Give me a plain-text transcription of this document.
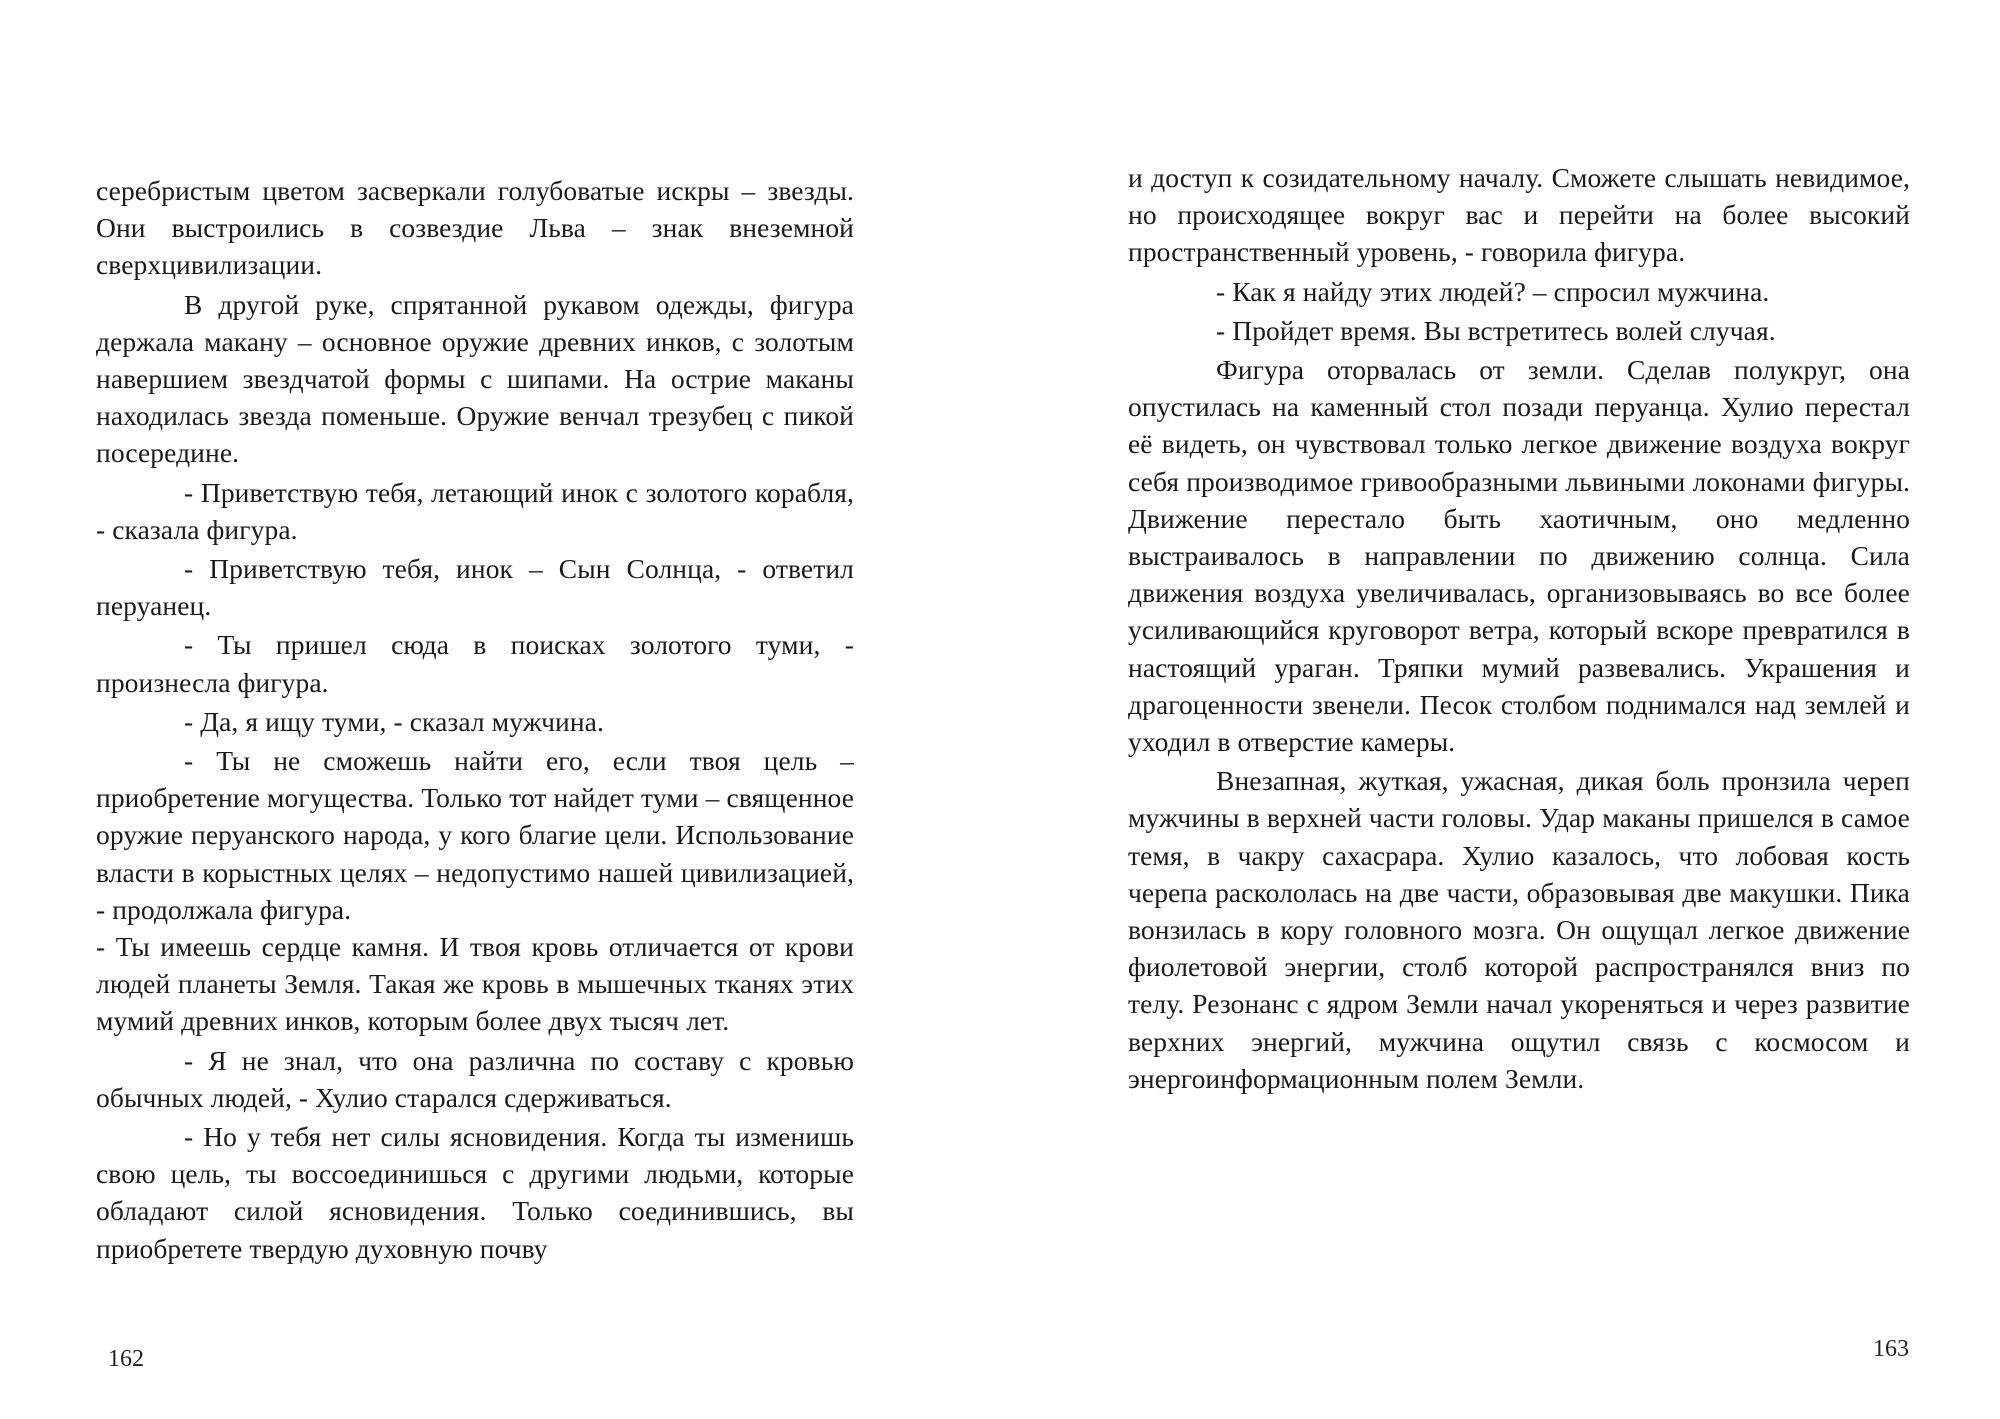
серебристым цветом засверкали голубоватые искры – звезды. Они выстроились в созвездие Льва – знак внеземной сверхцивилизации.

В другой руке, спрятанной рукавом одежды, фигура держала макану – основное оружие древних инков, с золотым навершием звездчатой формы с шипами. На острие маканы находилась звезда поменьше. Оружие венчал трезубец с пикой посередине.

- Приветствую тебя, летающий инок с золотого корабля, - сказала фигура.

- Приветствую тебя, инок – Сын Солнца, - ответил перуанец.

- Ты пришел сюда в поисках золотого туми, - произнесла фигура.

- Да, я ищу туми, - сказал мужчина.

- Ты не сможешь найти его, если твоя цель – приобретение могущества. Только тот найдет туми – священное оружие перуанского народа, у кого благие цели. Использование власти в корыстных целях – недопустимо нашей цивилизацией, - продолжала фигура.

- Ты имеешь сердце камня. И твоя кровь отличается от крови людей планеты Земля. Такая же кровь в мышечных тканях этих мумий древних инков, которым более двух тысяч лет.

- Я не знал, что она различна по составу с кровью обычных людей, - Хулио старался сдерживаться.

- Но у тебя нет силы ясновидения. Когда ты изменишь свою цель, ты воссоединишься с другими людьми, которые обладают силой ясновидения. Только соединившись, вы приобретете твердую духовную почву

162

и доступ к созидательному началу. Сможете слышать невидимое, но происходящее вокруг вас и перейти на более высокий пространственный уровень, - говорила фигура.

- Как я найду этих людей? – спросил мужчина.

- Пройдет время. Вы встретитесь волей случая.

Фигура оторвалась от земли. Сделав полукруг, она опустилась на каменный стол позади перуанца. Хулио перестал её видеть, он чувствовал только легкое движение воздуха вокруг себя производимое гривообразными львиными локонами фигуры. Движение перестало быть хаотичным, оно медленно выстраивалось в направлении по движению солнца. Сила движения воздуха увеличивалась, организовываясь во все более усиливающийся круговорот ветра, который вскоре превратился в настоящий ураган. Тряпки мумий развевались. Украшения и драгоценности звенели. Песок столбом поднимался над землей и уходил в отверстие камеры.

Внезапная, жуткая, ужасная, дикая боль пронзила череп мужчины в верхней части головы. Удар маканы пришелся в самое темя, в чакру сахасрара. Хулио казалось, что лобовая кость черепа раскололась на две части, образовывая две макушки. Пика вонзилась в кору головного мозга. Он ощущал легкое движение фиолетовой энергии, столб которой распространялся вниз по телу. Резонанс с ядром Земли начал укореняться и через развитие верхних энергий, мужчина ощутил связь с космосом и энергоинформационным полем Земли.

163
